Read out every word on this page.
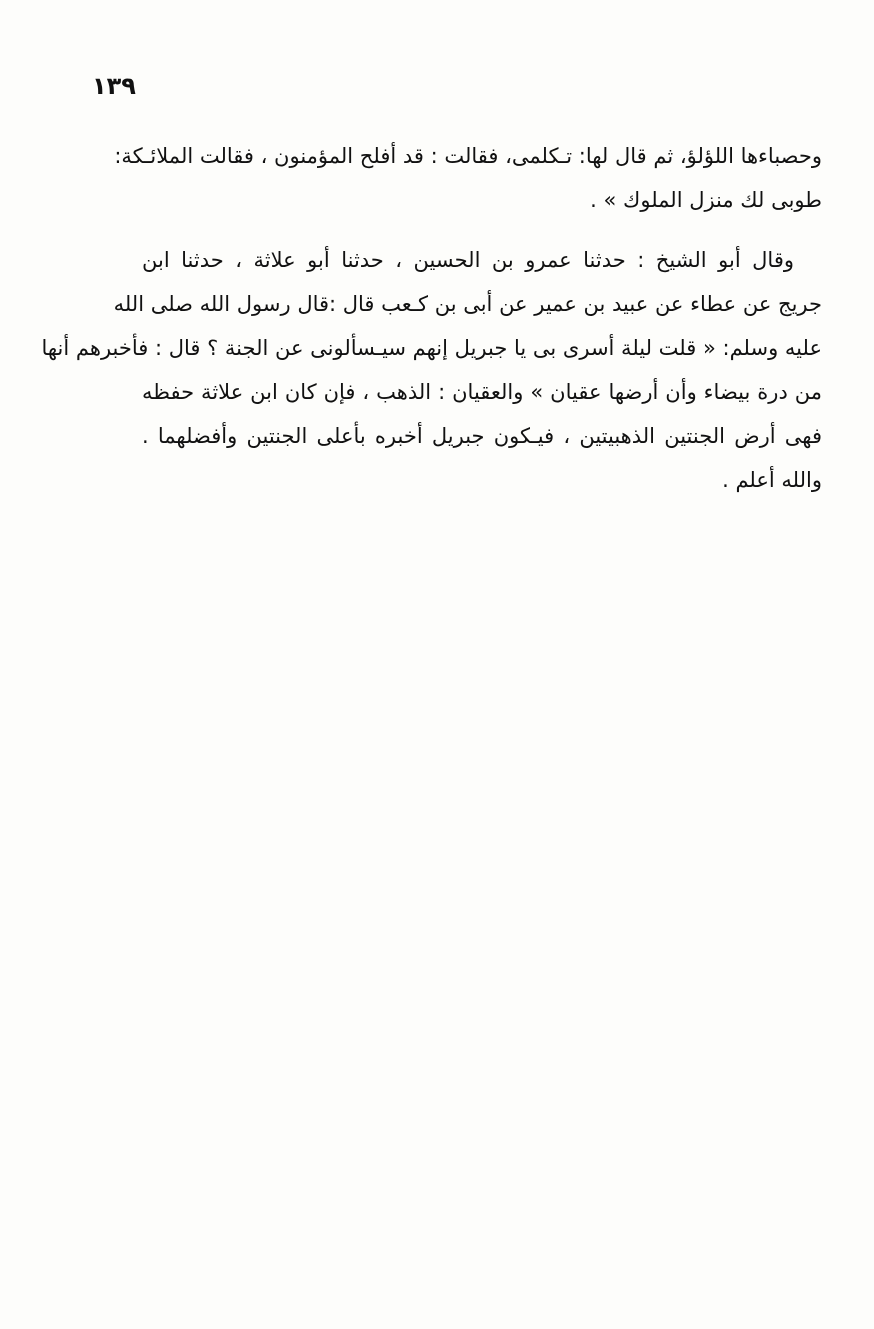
١٣٩
وحصباءها اللؤلؤ، ثم قال لها: تـكلمى، فقالت : قد أفلح المؤمنون ، فقالت الملائـكة:
طوبى لك منزل الملوك » .
وقال أبو الشيخ : حدثنا عمرو بن الحسين ، حدثنا أبو علاثة ، حدثنا ابن
جريج عن عطاء عن عبيد بن عمير عن أبى بن كـعب قال :قال رسول الله صلى الله
عليه وسلم: « قلت ليلة أسرى بى يا جبريل إنهم سيـسألونى عن الجنة ؟ قال : فأخبرهم أنها
من درة بيضاء وأن أرضها عقيان » والعقيان : الذهب ، فإن كان ابن علاثة حفظه
فهى أرض الجنتين الذهبيتين ، فيـكون جبريل أخبره بأعلى الجنتين وأفضلهما .
والله أعلم .
